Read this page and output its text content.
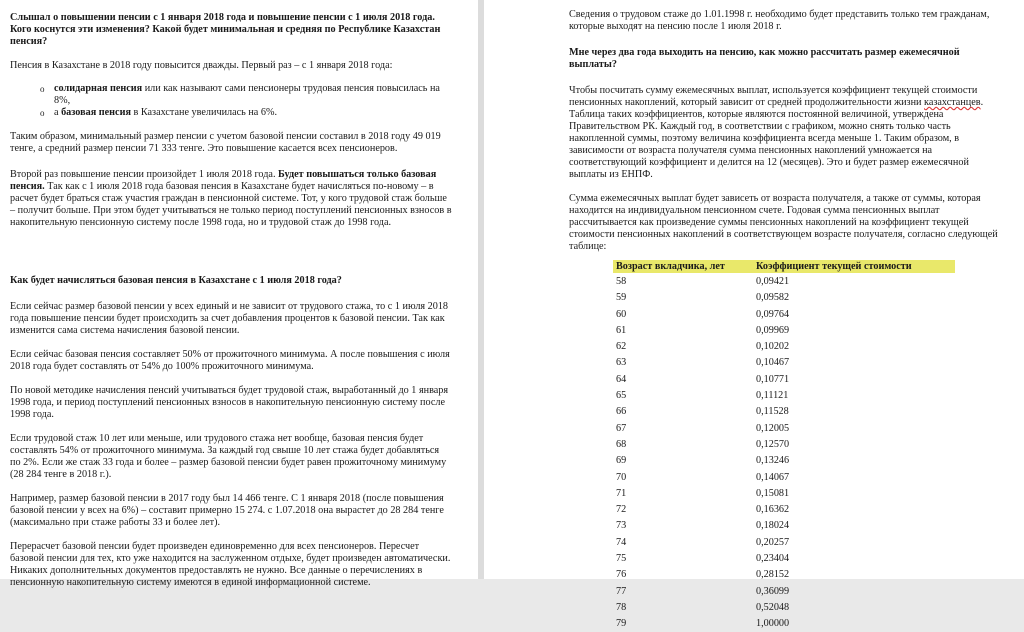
Слышал о повышении пенсии с 1 января 2018 года и повышение пенсии с 1 июля 2018 года. Кого коснутся эти изменения? Какой будет минимальная и средняя по Республике Казахстан пенсия?

Пенсия в Казахстане в 2018 году повысится дважды. Первый раз – с 1 января 2018 года:

o солидарная пенсия или как называют сами пенсионеры трудовая пенсия повысилась на 8%,
o а базовая пенсия в Казахстане увеличилась на 6%.

Таким образом, минимальный размер пенсии с учетом базовой пенсии составил в 2018 году 49 019 тенге, а средний размер пенсии 71 333 тенге. Это повышение касается всех пенсионеров.

Второй раз повышение пенсии произойдет 1 июля 2018 года. Будет повышаться только базовая пенсия. Так как с 1 июля 2018 года базовая пенсия в Казахстане будет начисляться по-новому – в расчет будет браться стаж участия граждан в пенсионной системе. Тот, у кого трудовой стаж больше – получит больше. При этом будет учитываться не только период поступлений пенсионных взносов в накопительную пенсионную систему после 1998 года, но и трудовой стаж до 1998 года.

Как будет начисляться базовая пенсия в Казахстане с 1 июля 2018 года?

Если сейчас размер базовой пенсии у всех единый и не зависит от трудового стажа, то с 1 июля 2018 года повышение пенсии будет происходить за счет добавления процентов к базовой пенсии. Так как изменится сама система начисления базовой пенсии.

Если сейчас базовая пенсия составляет 50% от прожиточного минимума. А после повышения с июля 2018 года будет составлять от 54% до 100% прожиточного минимума.

По новой методике начисления пенсий учитываться будет трудовой стаж, выработанный до 1 января 1998 года, и период поступлений пенсионных взносов в накопительную пенсионную систему после 1998 года.

Если трудовой стаж 10 лет или меньше, или трудового стажа нет вообще, базовая пенсия будет составлять 54% от прожиточного минимума. За каждый год свыше 10 лет стажа будет добавляться по 2%. Если же стаж 33 года и более – размер базовой пенсии будет равен прожиточному минимуму (28 284 тенге в 2018 г.).

Например, размер базовой пенсии в 2017 году был 14 466 тенге. С 1 января 2018 (после повышения базовой пенсии у всех на 6%) – составит примерно 15 274. с 1.07.2018 она вырастет до 28 284 тенге (максимально при стаже работы 33 и более лет).

Перерасчет базовой пенсии будет произведен единовременно для всех пенсионеров. Пересчет базовой пенсии для тех, кто уже находится на заслуженном отдыхе, будет произведен автоматически. Никаких дополнительных документов предоставлять не нужно. Все данные о перечислениях в пенсионную накопительную систему имеются в единой информационной системе.

Сведения о трудовом стаже до 1.01.1998 г. необходимо будет представить только тем гражданам, которые выходят на пенсию после 1 июля 2018 г.

Мне через два года выходить на пенсию, как можно рассчитать размер ежемесячной выплаты?

Чтобы посчитать сумму ежемесячных выплат, используется коэффициент текущей стоимости пенсионных накоплений, который зависит от средней продолжительности жизни казахстанцев. Таблица таких коэффициентов, которые являются постоянной величиной, утверждена Правительством РК. Каждый год, в соответствии с графиком, можно снять только часть накопленной суммы, поэтому величина коэффициента всегда меньше 1. Таким образом, в зависимости от возраста получателя сумма пенсионных накоплений умножается на соответствующий коэффициент и делится на 12 (месяцев). Это и будет размер ежемесячной выплаты из ЕНПФ.

Сумма ежемесячных выплат будет зависеть от возраста получателя, а также от суммы, которая находится на индивидуальном пенсионном счете. Годовая сумма пенсионных выплат рассчитывается как произведение суммы пенсионных накоплений на коэффициент текущей стоимости пенсионных накоплений в соответствующем возрасте получателя, согласно следующей таблице:

Возраст вкладчика, лет	Коэффициент текущей стоимости
58	0,09421
59	0,09582
60	0,09764
61	0,09969
62	0,10202
63	0,10467
64	0,10771
65	0,11121
66	0,11528
67	0,12005
68	0,12570
69	0,13246
70	0,14067
71	0,15081
72	0,16362
73	0,18024
74	0,20257
75	0,23404
76	0,28152
77	0,36099
78	0,52048
79	1,00000
